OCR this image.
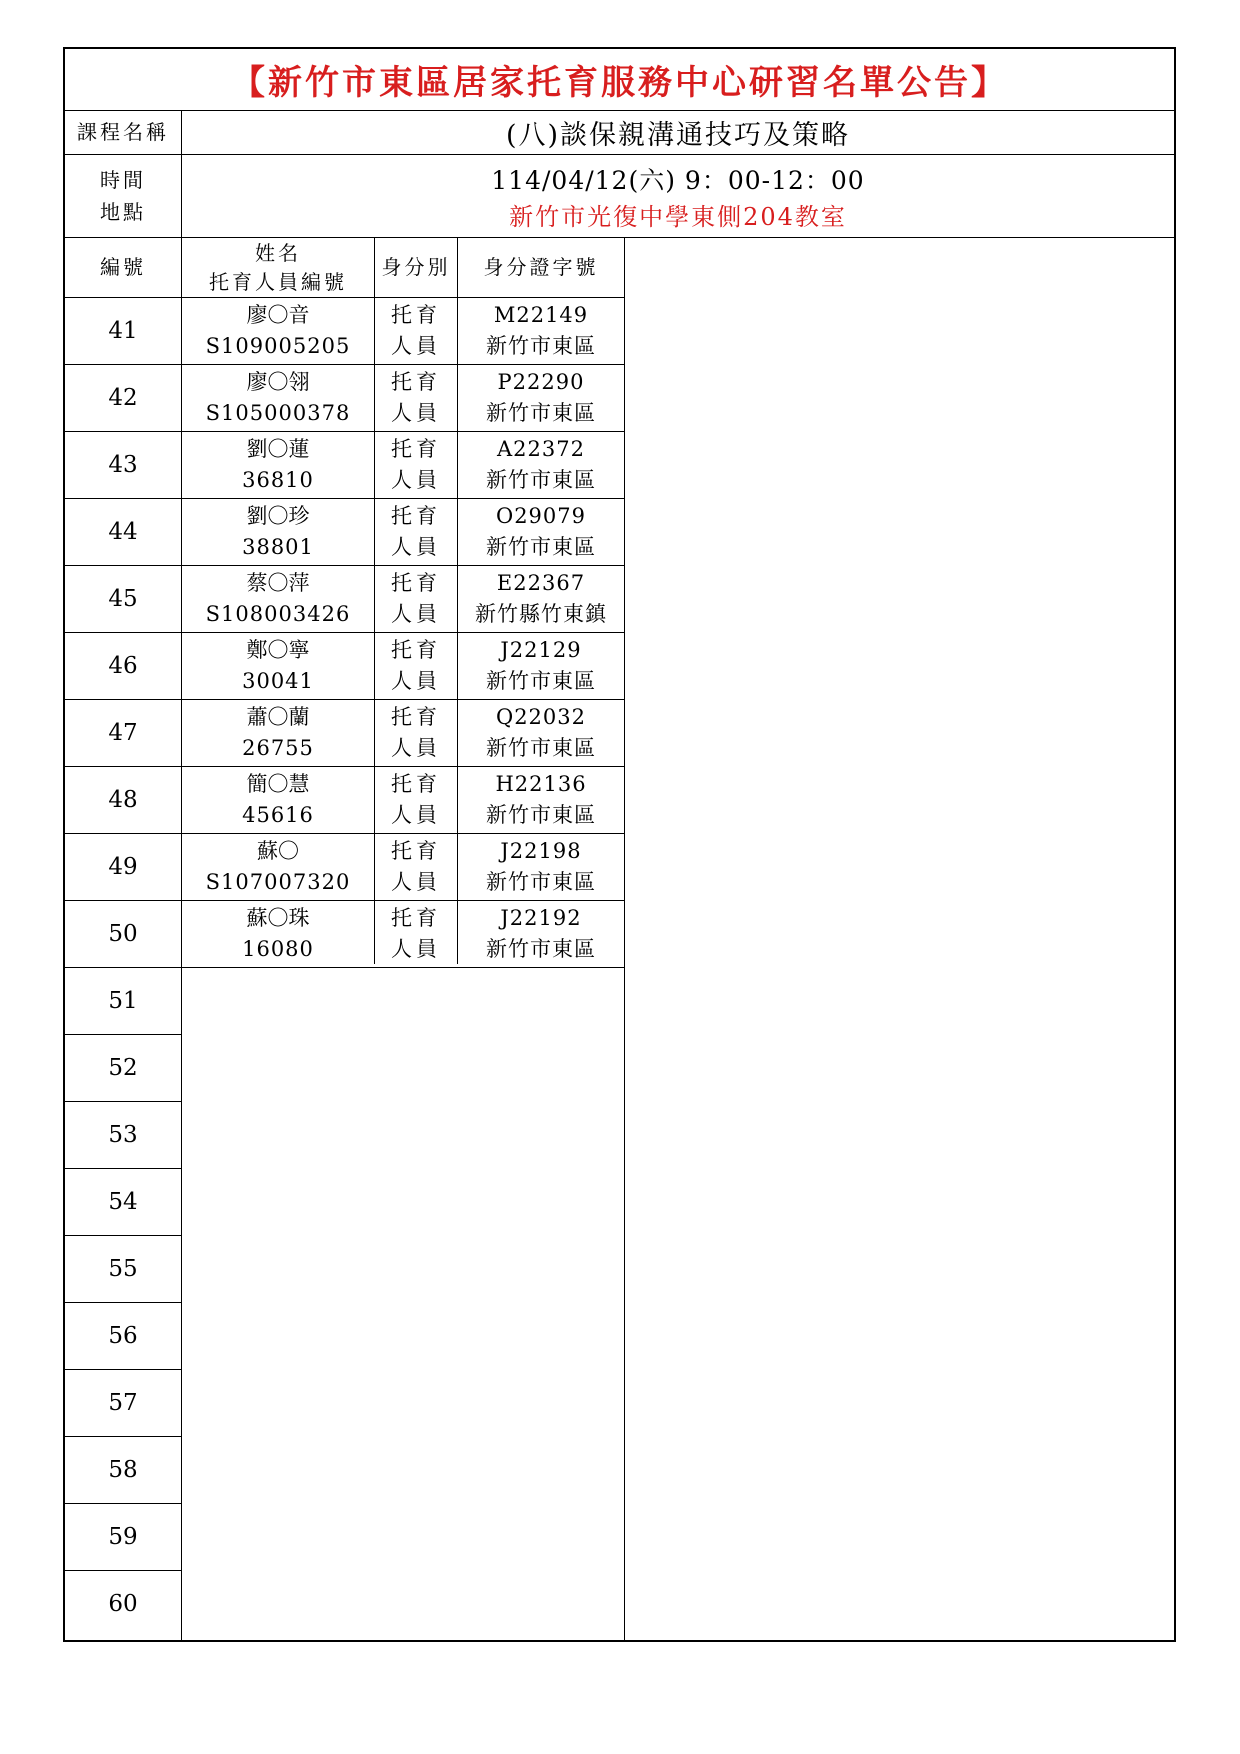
【新竹市東區居家托育服務中心研習名單公告】
課程名稱	(八)談保親溝通技巧及策略
時間
地點
114/04/12(六) 9：00-12：00
新竹市光復中學東側204教室
編號
姓名
托育人員編號
身分別 身分證字號
41
廖〇音
S109005205
托育
人員
M22149
新竹市東區
42
廖〇翎
S105000378
托育
人員
P22290
新竹市東區
43
劉〇蓮
36810
托育
人員
A22372
新竹市東區
44
劉〇珍
38801
托育
人員
O29079
新竹市東區
45
蔡〇萍
S108003426
托育
人員
E22367
新竹縣竹東鎮
46
鄭〇寧
30041
托育
人員
J22129
新竹市東區
47
蕭〇蘭
26755
托育
人員
Q22032
新竹市東區
48
簡〇慧
45616
托育
人員
H22136
新竹市東區
49
蘇〇
S107007320
托育
人員
J22198
新竹市東區
50
蘇〇珠
16080
托育
人員
J22192
新竹市東區
51
52
53
54
55
56
57
58
59
60
